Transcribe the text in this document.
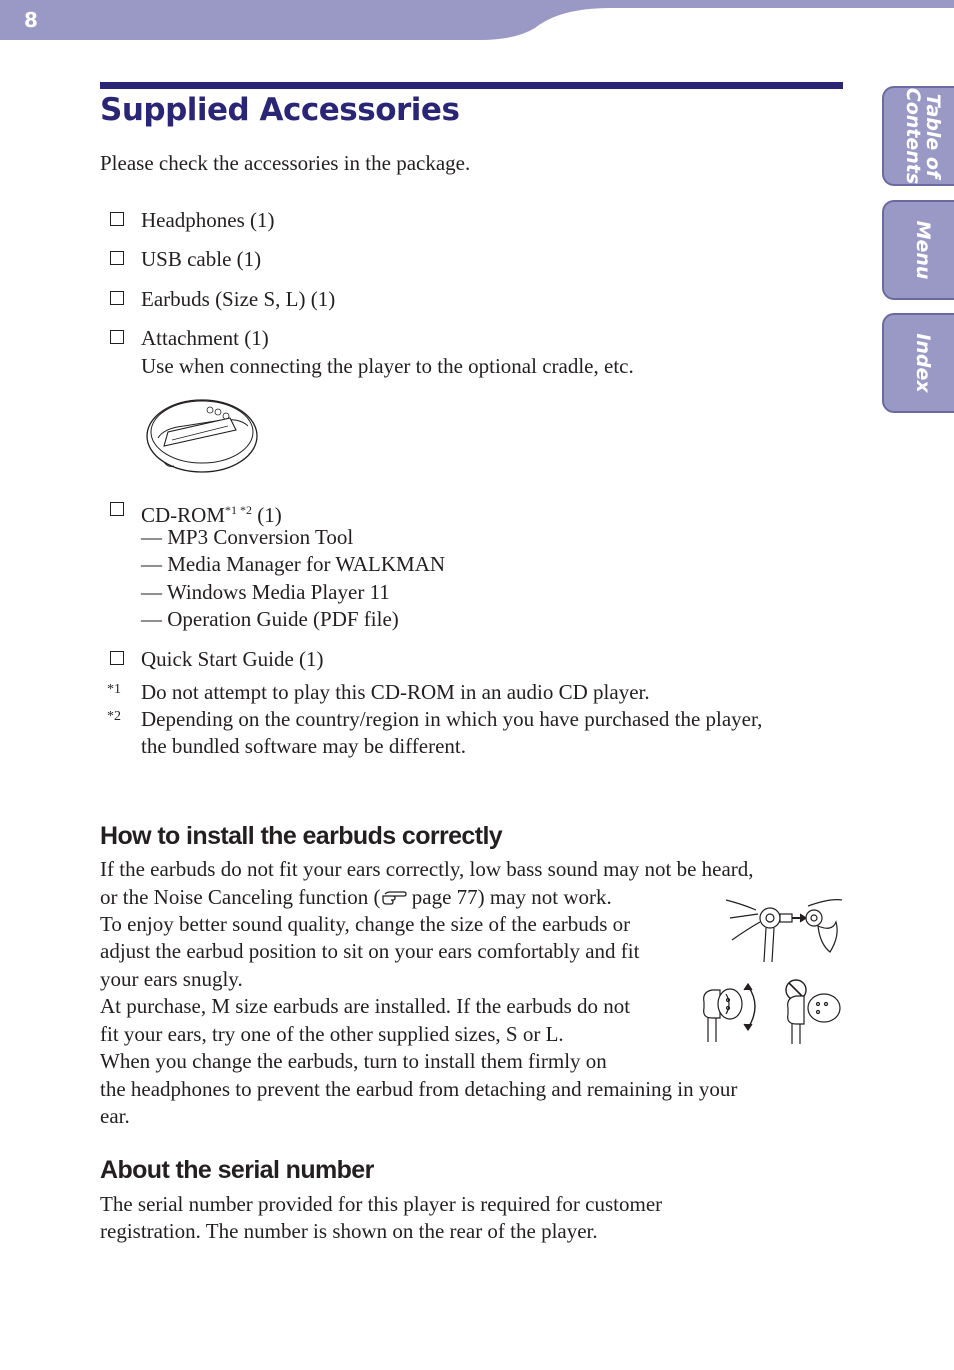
8
Table of
Contents
Menu
Index
Supplied Accessories
Please check the accessories in the package.
Headphones (1)
USB cable (1)
Earbuds (Size S, L) (1)
Attachment (1)
Use when connecting the player to the optional cradle, etc.
$CD-ROM^{*1 *2}$ (1)
— MP3 Conversion Tool
— Media Manager for WALKMAN
— Windows Media Player 11
— Operation Guide (PDF file)
Quick Start Guide (1)
*1 Do not attempt to play this CD-ROM in an audio CD player.
*2 Depending on the country/region in which you have purchased the player,
the bundled software may be different.
How to install the earbuds correctly
If the earbuds do not fit your ears correctly, low bass sound may not be heard,
or the Noise Canceling function ( page 77) may not work.
To enjoy better sound quality, change the size of the earbuds or
adjust the earbud position to sit on your ears comfortably and fit
your ears snugly.
At purchase, M size earbuds are installed. If the earbuds do not
fit your ears, try one of the other supplied sizes, S or L.
When you change the earbuds, turn to install them firmly on
the headphones to prevent the earbud from detaching and remaining in your
ear.
About the serial number
The serial number provided for this player is required for customer
registration. The number is shown on the rear of the player.
